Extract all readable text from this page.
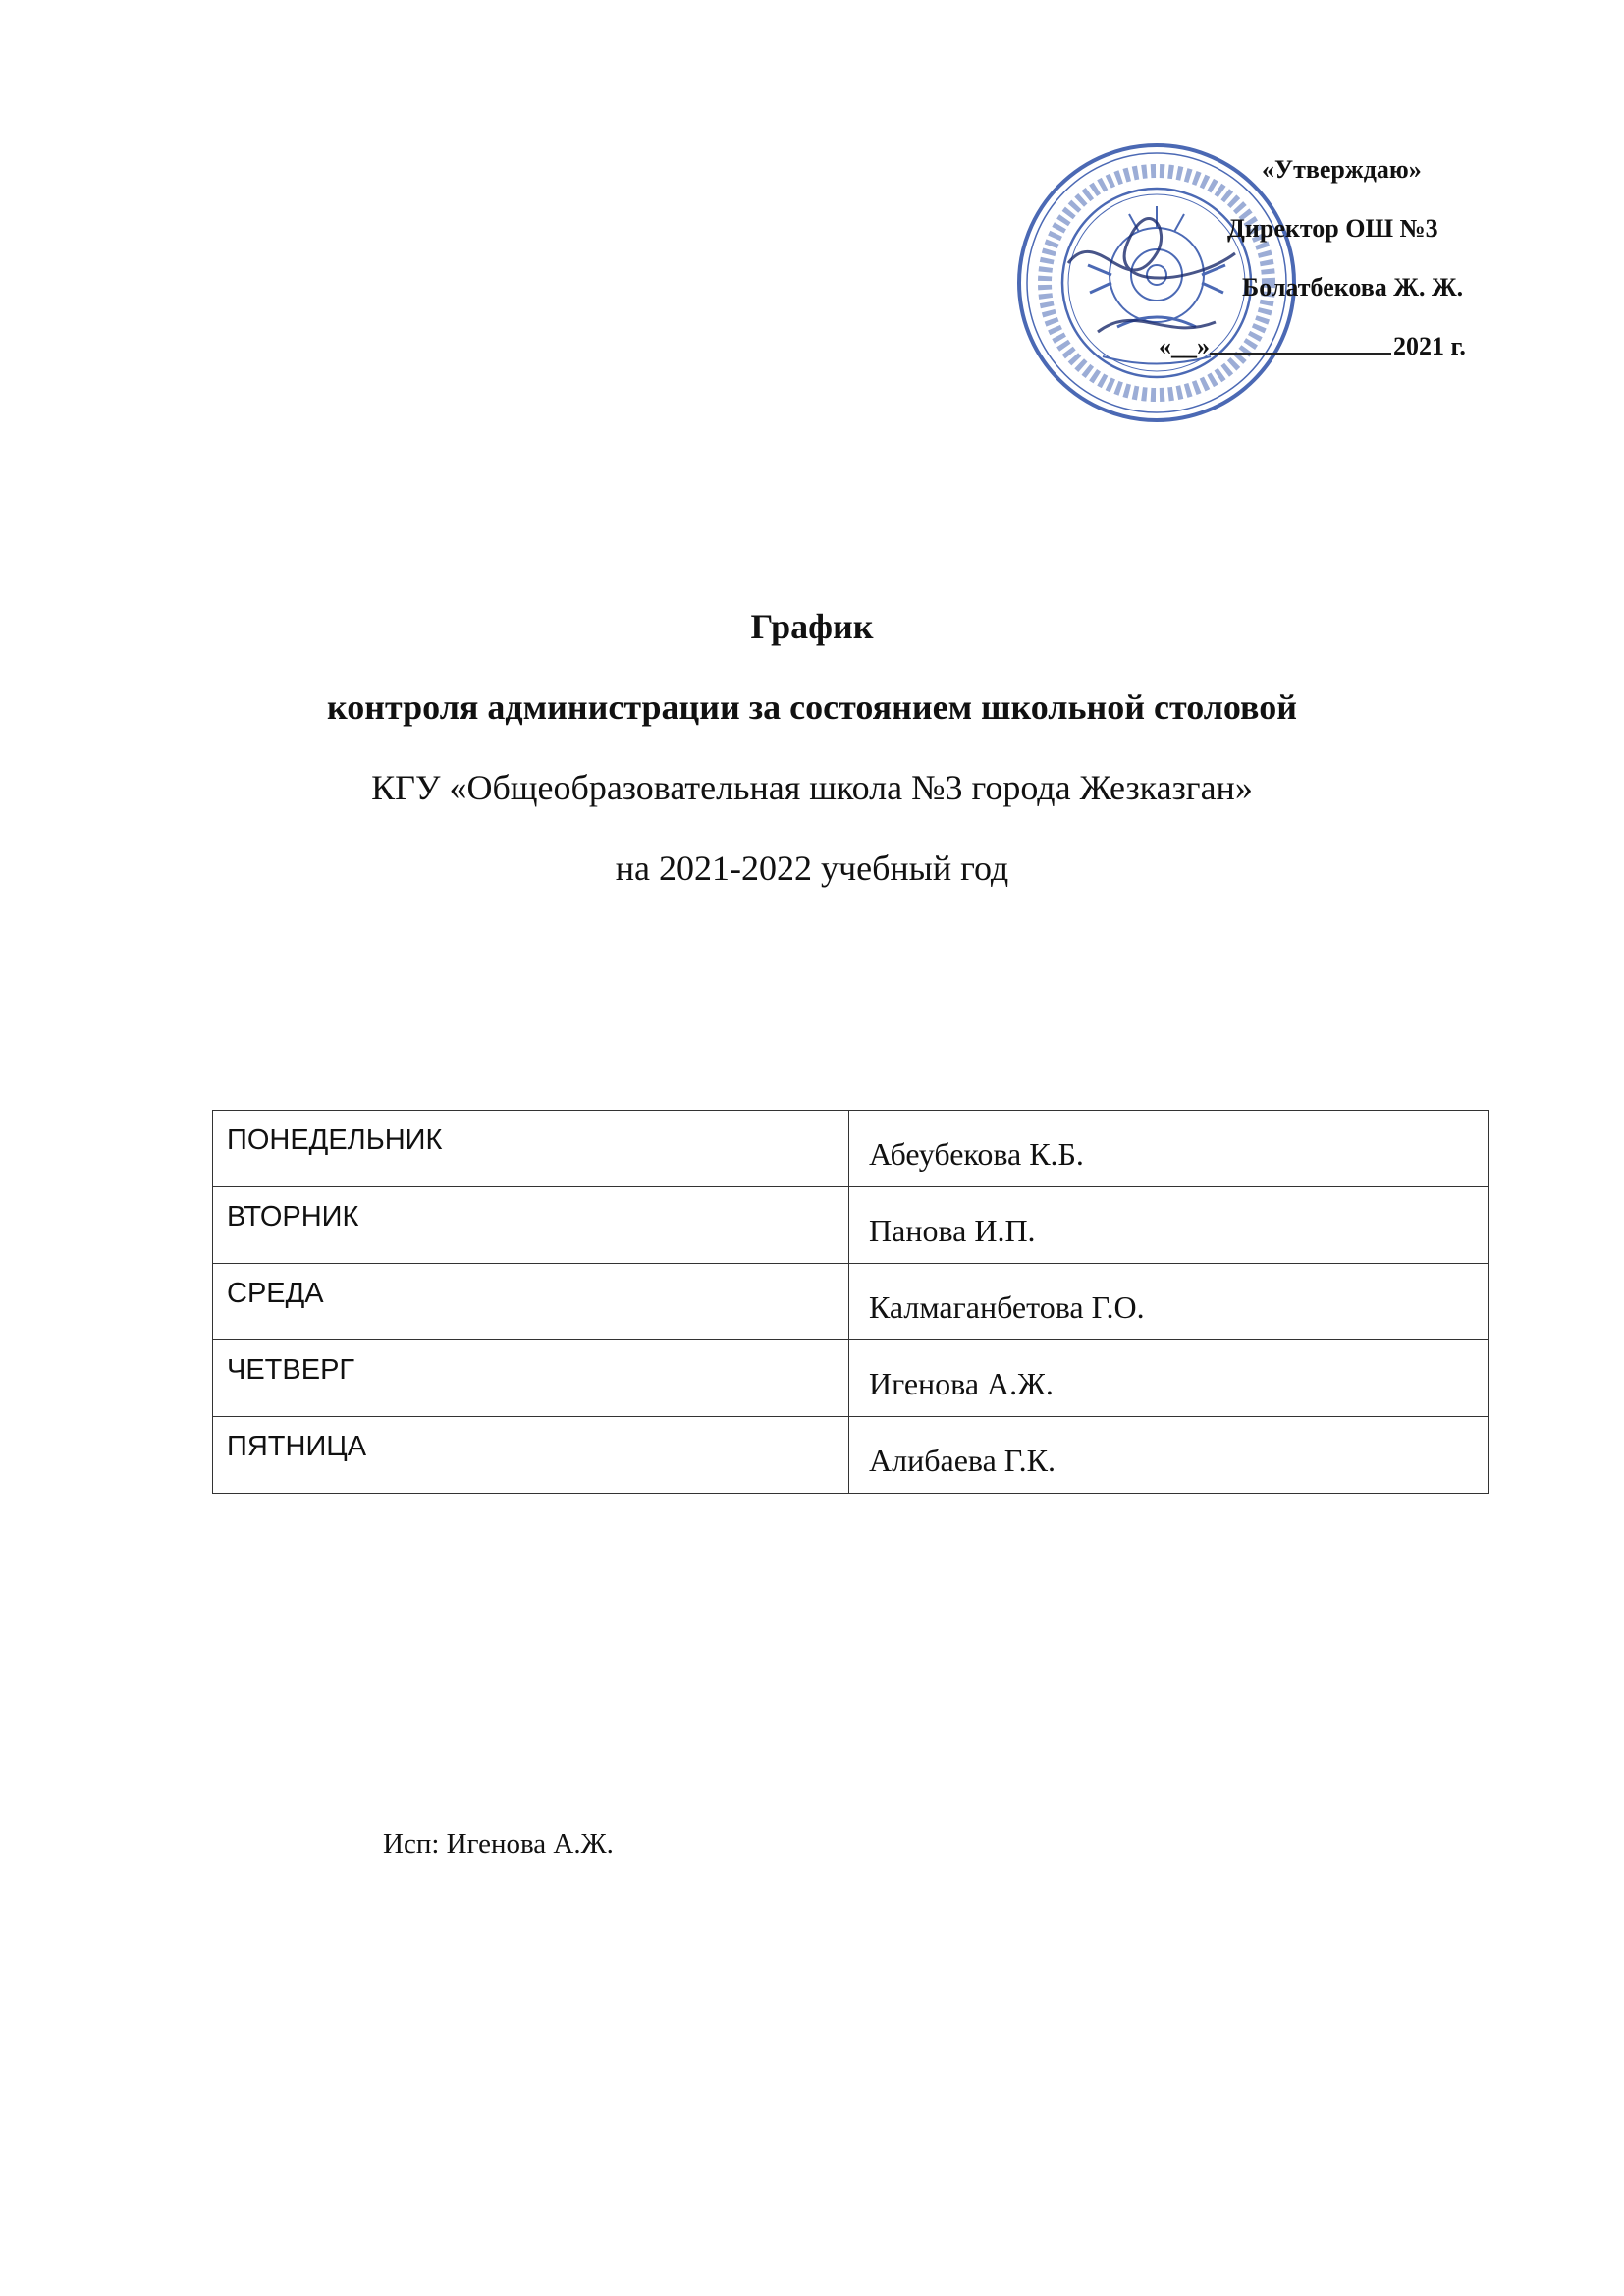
«Утверждаю»
Директор ОШ №3
Болатбекова Ж. Ж.
«__»	2021 г.

График

контроля администрации за состоянием школьной столовой

КГУ «Общеобразовательная школа №3 города Жезказган»

на 2021-2022 учебный год

ПОНЕДЕЛЬНИК	Абеубекова К.Б.
ВТОРНИК	Панова И.П.
СРЕДА	Калмаганбетова Г.О.
ЧЕТВЕРГ	Игенова А.Ж.
ПЯТНИЦА	Алибаева Г.К.
Исп: Игенова А.Ж.
